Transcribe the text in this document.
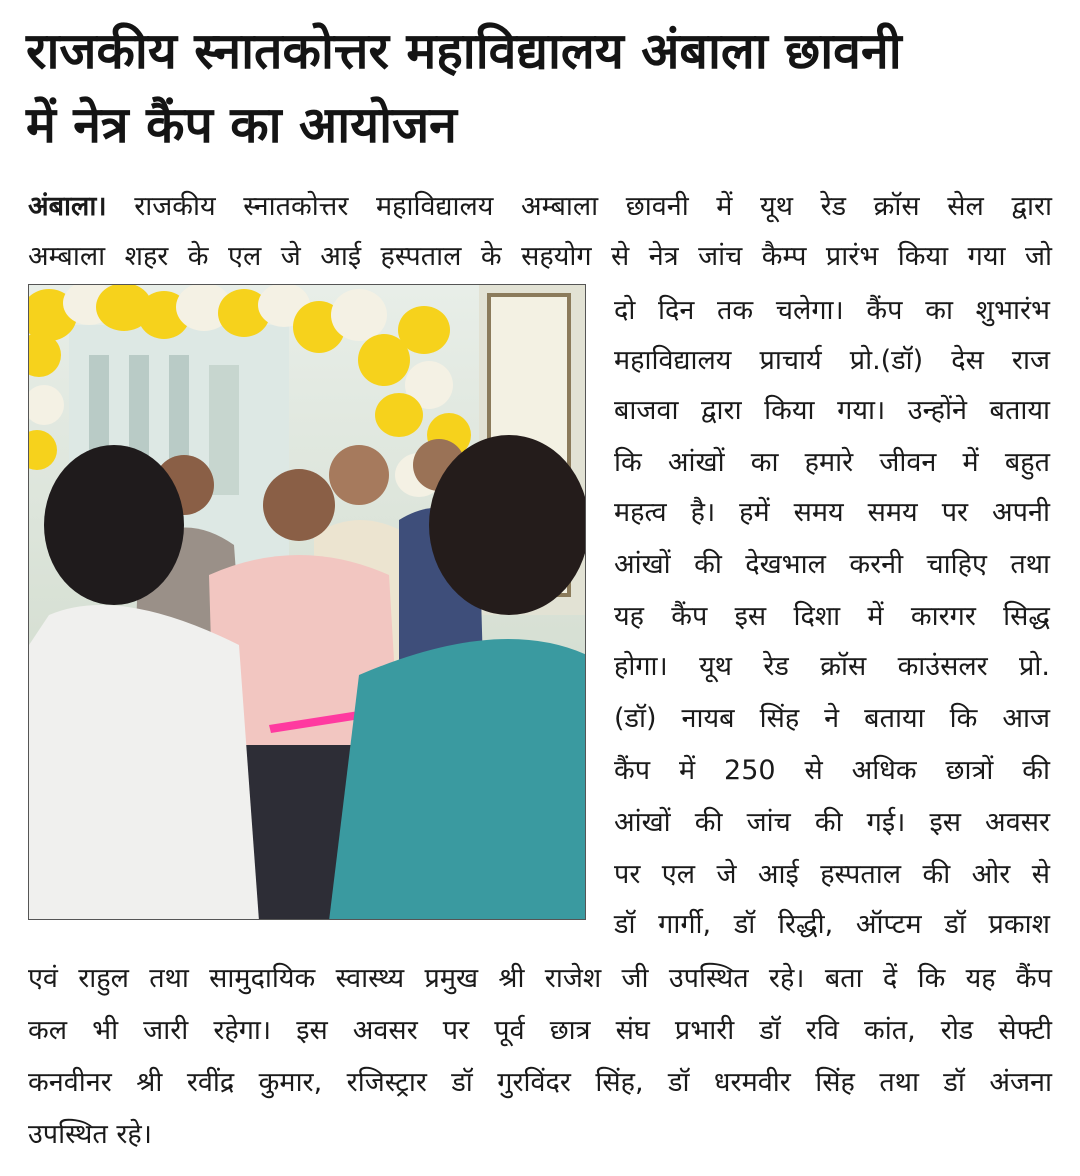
राजकीय स्नातकोत्तर महाविद्यालय अंबाला छावनी
में नेत्र कैंप का आयोजन
अंबाला। राजकीय स्नातकोत्तर महाविद्यालय अम्बाला छावनी में यूथ रेड क्रॉस सेल द्वारा
अम्बाला शहर के एल जे आई हस्पताल के सहयोग से नेत्र जांच कैम्प प्रारंभ किया गया जो
दो दिन तक चलेगा। कैंप का शुभारंभ
महाविद्यालय प्राचार्य प्रो.(डॉ) देस राज
बाजवा द्वारा किया गया। उन्होंने बताया
कि आंखों का हमारे जीवन में बहुत
महत्व है। हमें समय समय पर अपनी
आंखों की देखभाल करनी चाहिए तथा
यह कैंप इस दिशा में कारगर सिद्ध
होगा। यूथ रेड क्रॉस काउंसलर प्रो.
(डॉ) नायब सिंह ने बताया कि आज
कैंप में 250 से अधिक छात्रों की
आंखों की जांच की गई। इस अवसर
पर एल जे आई हस्पताल की ओर से
डॉ गार्गी, डॉ रिद्धी, ऑप्टम डॉ प्रकाश
एवं राहुल तथा सामुदायिक स्वास्थ्य प्रमुख श्री राजेश जी उपस्थित रहे। बता दें कि यह कैंप
कल भी जारी रहेगा। इस अवसर पर पूर्व छात्र संघ प्रभारी डॉ रवि कांत, रोड सेफ्टी
कनवीनर श्री रवींद्र कुमार, रजिस्ट्रार डॉ गुरविंदर सिंह, डॉ धरमवीर सिंह तथा डॉ अंजना
उपस्थित रहे।
